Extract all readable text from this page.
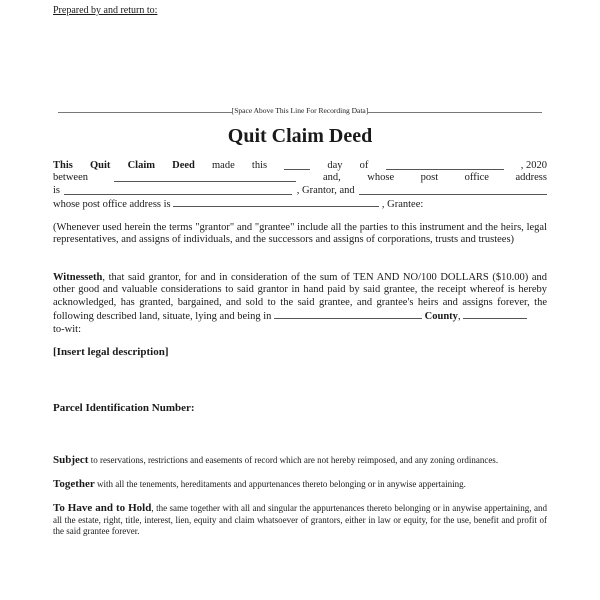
Prepared by and return to:
[Space Above This Line For Recording Data]
Quit Claim Deed
This Quit Claim Deed made this	day of	, 2020
between	and,	whose	post	office	address
is	, Grantor, and
whose post office address is	, Grantee:
(Whenever used herein the terms "grantor" and "grantee" include all the parties to this instrument and the heirs, legal representatives, and assigns of individuals, and the successors and assigns of corporations, trusts and trustees)
Witnesseth, that said grantor, for and in consideration of the sum of TEN AND NO/100 DOLLARS ($10.00) and other good and valuable considerations to said grantor in hand paid by said grantee, the receipt whereof is hereby acknowledged, has granted, bargained, and sold to the said grantee, and grantee's heirs and assigns forever, the following described land, situate, lying and being in	County,
to-wit:
[Insert legal description]
Parcel Identification Number:
Subject to reservations, restrictions and easements of record which are not hereby reimposed, and any zoning ordinances.
Together with all the tenements, hereditaments and appurtenances thereto belonging or in anywise appertaining.
To Have and to Hold, the same together with all and singular the appurtenances thereto belonging or in anywise appertaining, and all the estate, right, title, interest, lien, equity and claim whatsoever of grantors, either in law or equity, for the use, benefit and profit of the said grantee forever.
